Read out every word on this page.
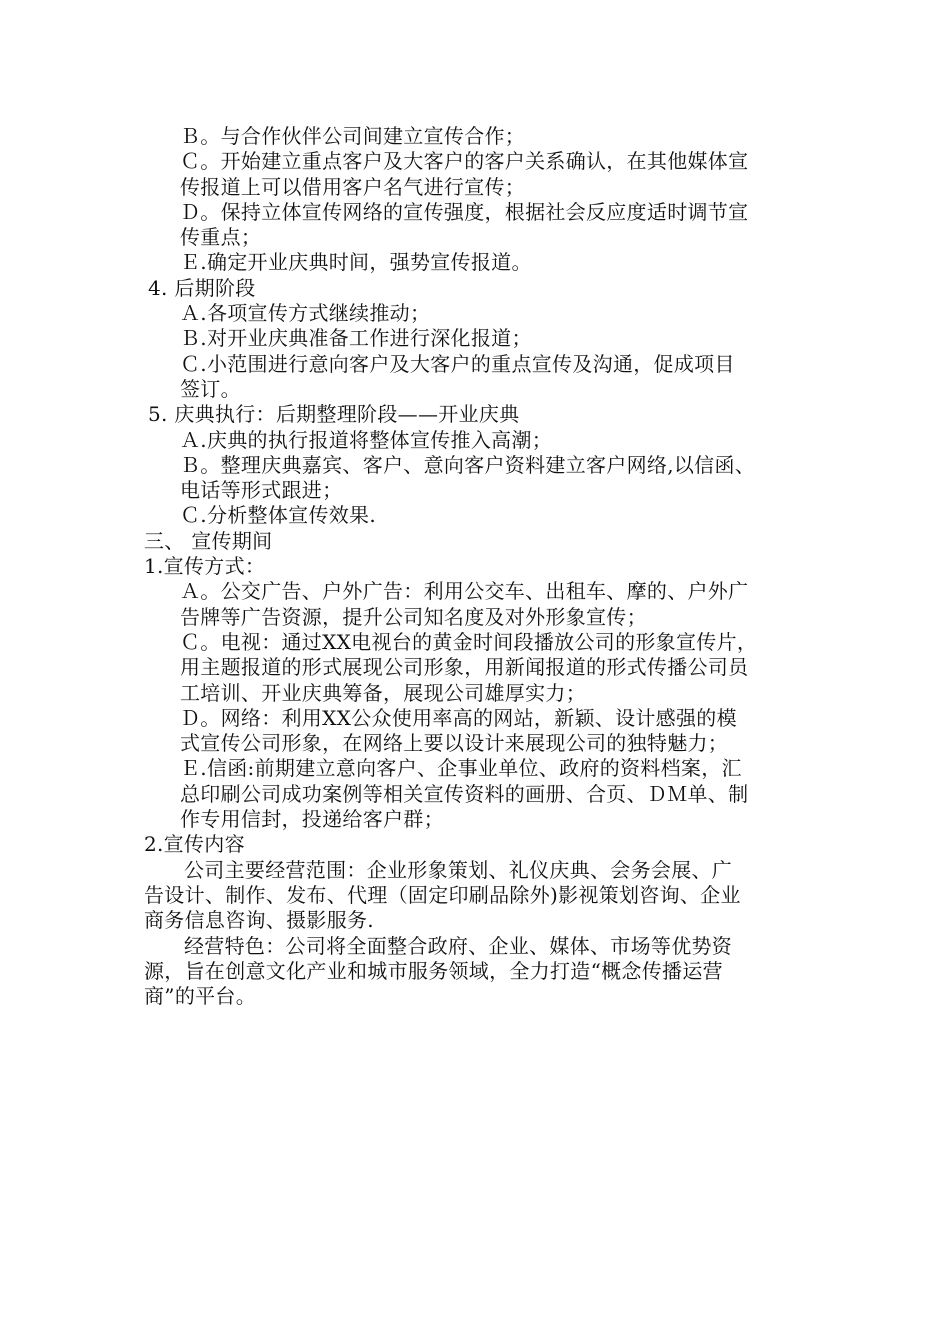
Ｂ。与合作伙伴公司间建立宣传合作；
Ｃ。开始建立重点客户及大客户的客户关系确认，在其他媒体宣
传报道上可以借用客户名气进行宣传；
Ｄ。保持立体宣传网络的宣传强度，根据社会反应度适时调节宣
传重点；
Ｅ.确定开业庆典时间，强势宣传报道。
4. 后期阶段
Ａ.各项宣传方式继续推动；
Ｂ.对开业庆典准备工作进行深化报道；
Ｃ.小范围进行意向客户及大客户的重点宣传及沟通，促成项目
签订。
5. 庆典执行：后期整理阶段——开业庆典
Ａ.庆典的执行报道将整体宣传推入高潮；
Ｂ。整理庆典嘉宾、客户、意向客户资料建立客户网络,以信函、
电话等形式跟进；
Ｃ.分析整体宣传效果.
三、 宣传期间
1.宣传方式：
Ａ。公交广告、户外广告：利用公交车、出租车、摩的、户外广
告牌等广告资源，提升公司知名度及对外形象宣传；
Ｃ。电视：通过XX电视台的黄金时间段播放公司的形象宣传片，
用主题报道的形式展现公司形象，用新闻报道的形式传播公司员
工培训、开业庆典筹备，展现公司雄厚实力；
Ｄ。网络：利用XX公众使用率高的网站，新颖、设计感强的模
式宣传公司形象，在网络上要以设计来展现公司的独特魅力；
Ｅ.信函:前期建立意向客户、企事业单位、政府的资料档案，汇
总印刷公司成功案例等相关宣传资料的画册、合页、ＤＭ单、制
作专用信封，投递给客户群；
2.宣传内容
公司主要经营范围：企业形象策划、礼仪庆典、会务会展、广
告设计、制作、发布、代理（固定印刷品除外)影视策划咨询、企业
商务信息咨询、摄影服务.
经营特色：公司将全面整合政府、企业、媒体、市场等优势资
源，旨在创意文化产业和城市服务领域，全力打造“概念传播运营
商”的平台。
